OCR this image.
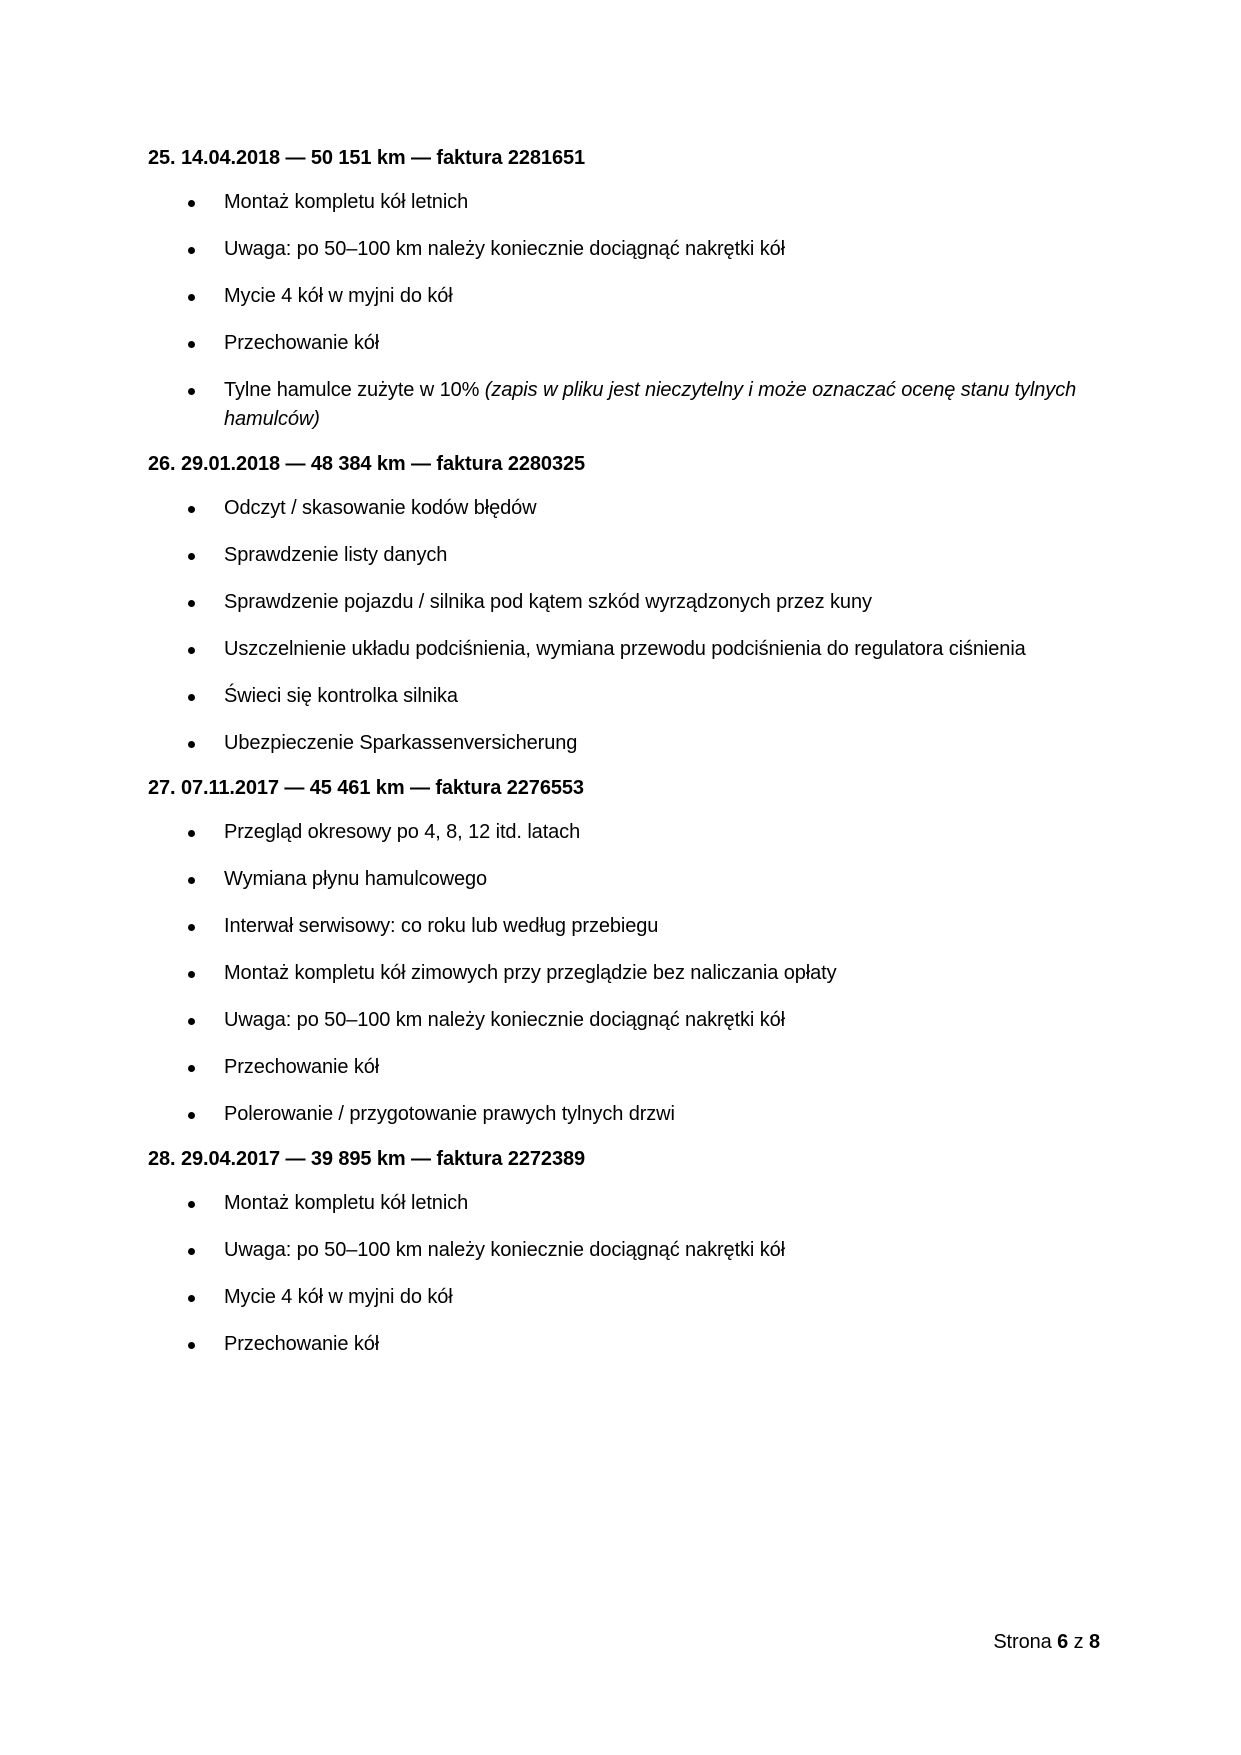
25. 14.04.2018 — 50 151 km — faktura 2281651
Montaż kompletu kół letnich
Uwaga: po 50–100 km należy koniecznie dociągnąć nakrętki kół
Mycie 4 kół w myjni do kół
Przechowanie kół
Tylne hamulce zużyte w 10% (zapis w pliku jest nieczytelny i może oznaczać ocenę stanu tylnych hamulców)
26. 29.01.2018 — 48 384 km — faktura 2280325
Odczyt / skasowanie kodów błędów
Sprawdzenie listy danych
Sprawdzenie pojazdu / silnika pod kątem szkód wyrządzonych przez kuny
Uszczelnienie układu podciśnienia, wymiana przewodu podciśnienia do regulatora ciśnienia
Świeci się kontrolka silnika
Ubezpieczenie Sparkassenversicherung
27. 07.11.2017 — 45 461 km — faktura 2276553
Przegląd okresowy po 4, 8, 12 itd. latach
Wymiana płynu hamulcowego
Interwał serwisowy: co roku lub według przebiegu
Montaż kompletu kół zimowych przy przeglądzie bez naliczania opłaty
Uwaga: po 50–100 km należy koniecznie dociągnąć nakrętki kół
Przechowanie kół
Polerowanie / przygotowanie prawych tylnych drzwi
28. 29.04.2017 — 39 895 km — faktura 2272389
Montaż kompletu kół letnich
Uwaga: po 50–100 km należy koniecznie dociągnąć nakrętki kół
Mycie 4 kół w myjni do kół
Przechowanie kół
Strona 6 z 8
